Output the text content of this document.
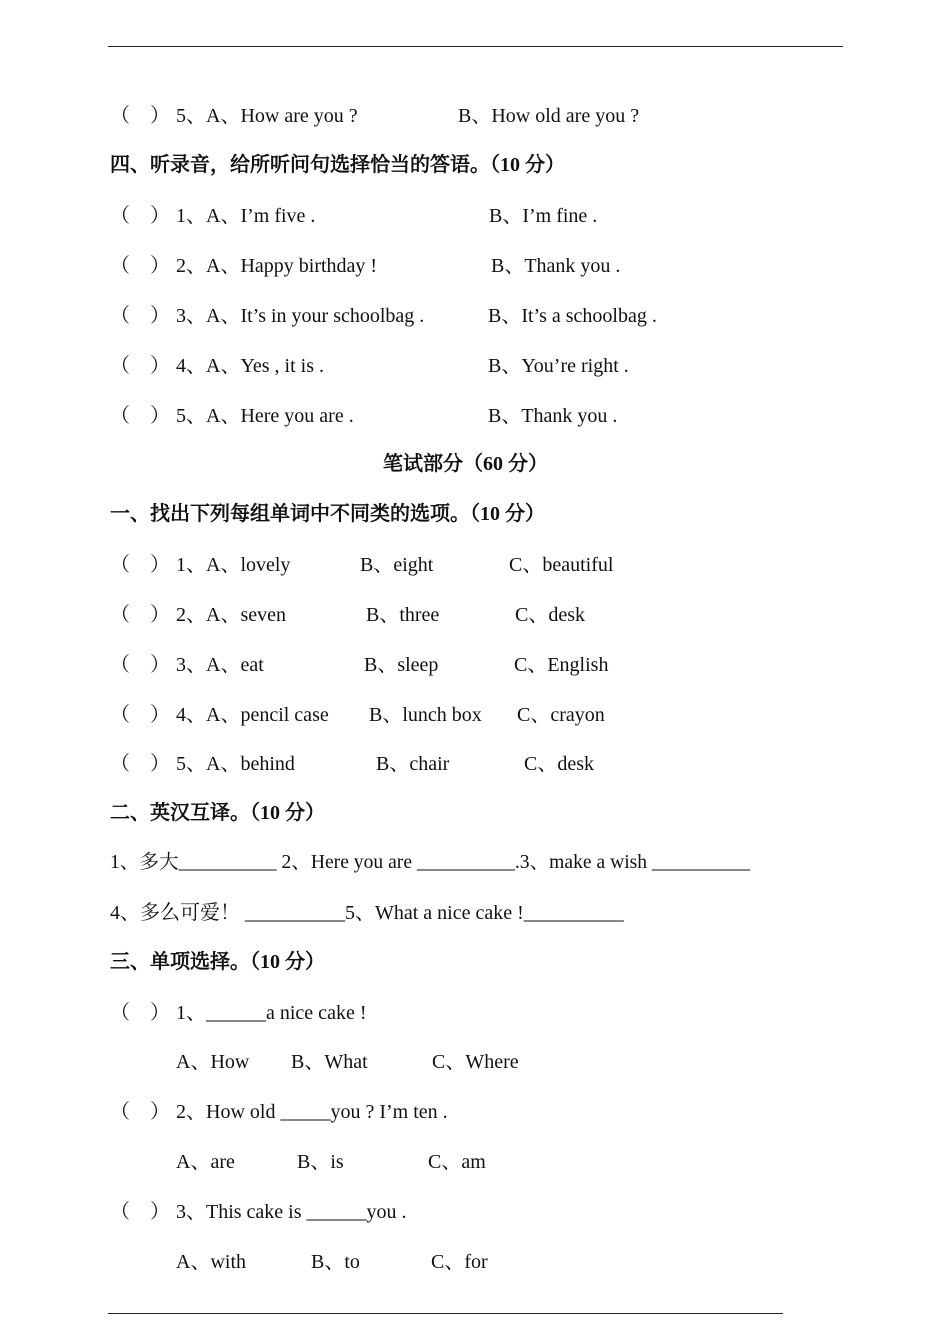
（    ） 5、A、How are you ?	B、How old are you ?
四、听录音，给所听问句选择恰当的答语。（10 分）
（    ） 1、A、I’m five .	B、I’m fine .
（    ） 2、A、Happy birthday !	B、Thank you .
（    ） 3、A、It’s in your schoolbag .	B、It’s a schoolbag .
（    ） 4、A、Yes , it is .	B、You’re right .
（    ） 5、A、Here you are .	B、Thank you .
笔试部分（60 分）
一、找出下列每组单词中不同类的选项。（10 分）
（    ） 1、A、lovely	B、eight	C、beautiful
（    ） 2、A、seven	B、three	C、desk
（    ） 3、A、eat	B、sleep	C、English
（    ） 4、A、pencil case B、lunch box C、crayon
（    ） 5、A、behind	B、chair	C、desk
二、英汉互译。（10 分）
1、多大__________ 2、Here you are __________.3、make a wish __________
4、多么可爱！ __________5、What a nice cake !__________
三、单项选择。（10 分）
（    ） 1、______a nice cake !
A、How B、What	C、Where
（    ） 2、How old _____you ? I’m ten .
A、are	B、is	C、am
（    ） 3、This cake is ______you .
A、with	B、to	C、for
